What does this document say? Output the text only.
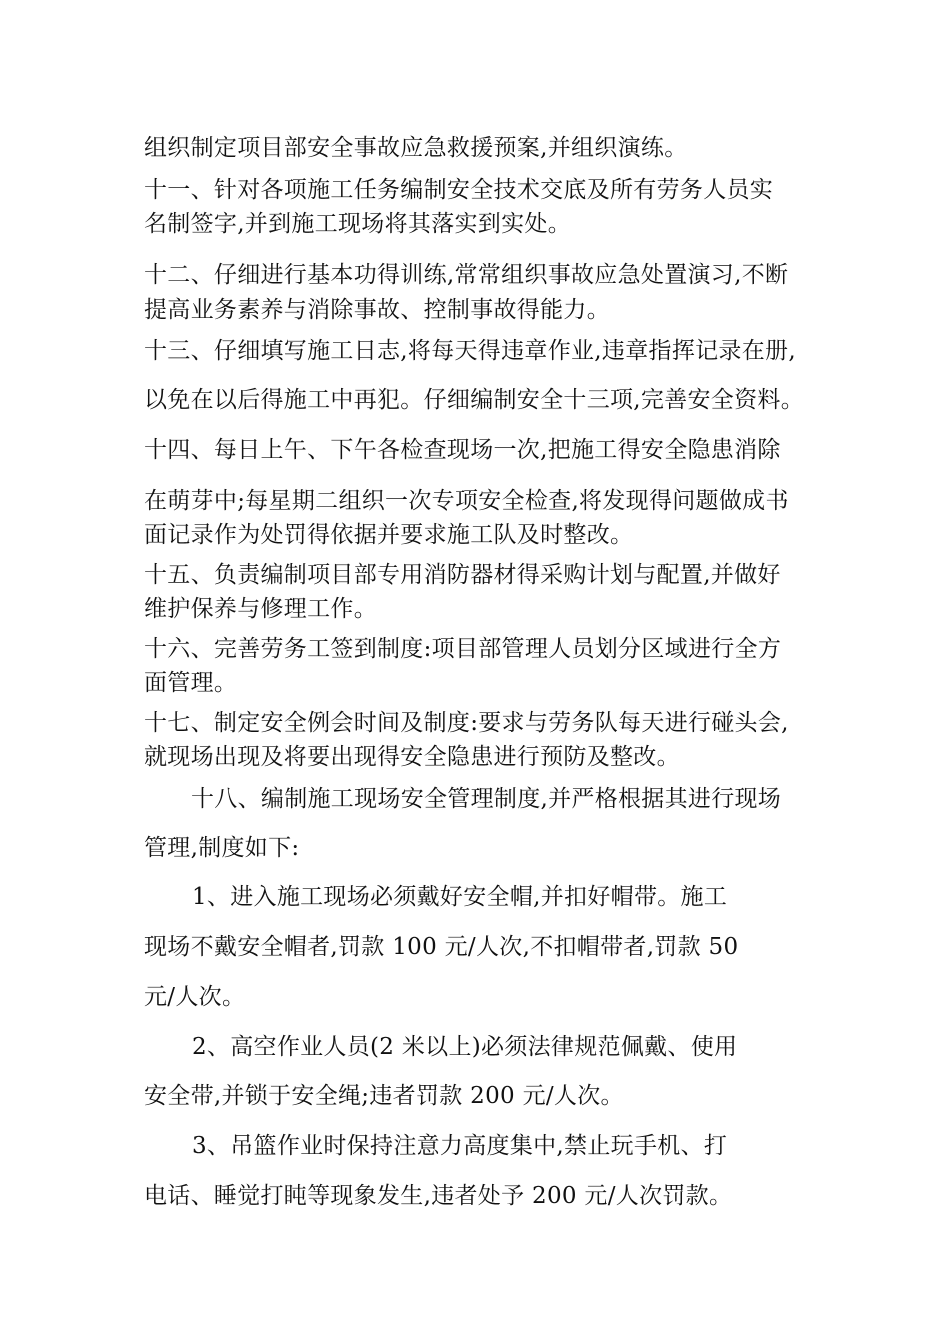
组织制定项目部安全事故应急救援预案,并组织演练。
十一、针对各项施工任务编制安全技术交底及所有劳务人员实
名制签字,并到施工现场将其落实到实处。
十二、仔细进行基本功得训练,常常组织事故应急处置演习,不断
提高业务素养与消除事故、控制事故得能力。
十三、仔细填写施工日志,将每天得违章作业,违章指挥记录在册,
以免在以后得施工中再犯。仔细编制安全十三项,完善安全资料。
十四、每日上午、下午各检查现场一次,把施工得安全隐患消除
在萌芽中;每星期二组织一次专项安全检查,将发现得问题做成书
面记录作为处罚得依据并要求施工队及时整改。
十五、负责编制项目部专用消防器材得采购计划与配置,并做好
维护保养与修理工作。
十六、完善劳务工签到制度:项目部管理人员划分区域进行全方
面管理。
十七、制定安全例会时间及制度:要求与劳务队每天进行碰头会,
就现场出现及将要出现得安全隐患进行预防及整改。
十八、编制施工现场安全管理制度,并严格根据其进行现场
管理,制度如下:
1、进入施工现场必须戴好安全帽,并扣好帽带。施工
现场不戴安全帽者,罚款 100 元/人次,不扣帽带者,罚款 50
元/人次。
2、高空作业人员(2 米以上)必须法律规范佩戴、使用
安全带,并锁于安全绳;违者罚款 200 元/人次。
3、吊篮作业时保持注意力高度集中,禁止玩手机、打
电话、睡觉打盹等现象发生,违者处予 200 元/人次罚款。
